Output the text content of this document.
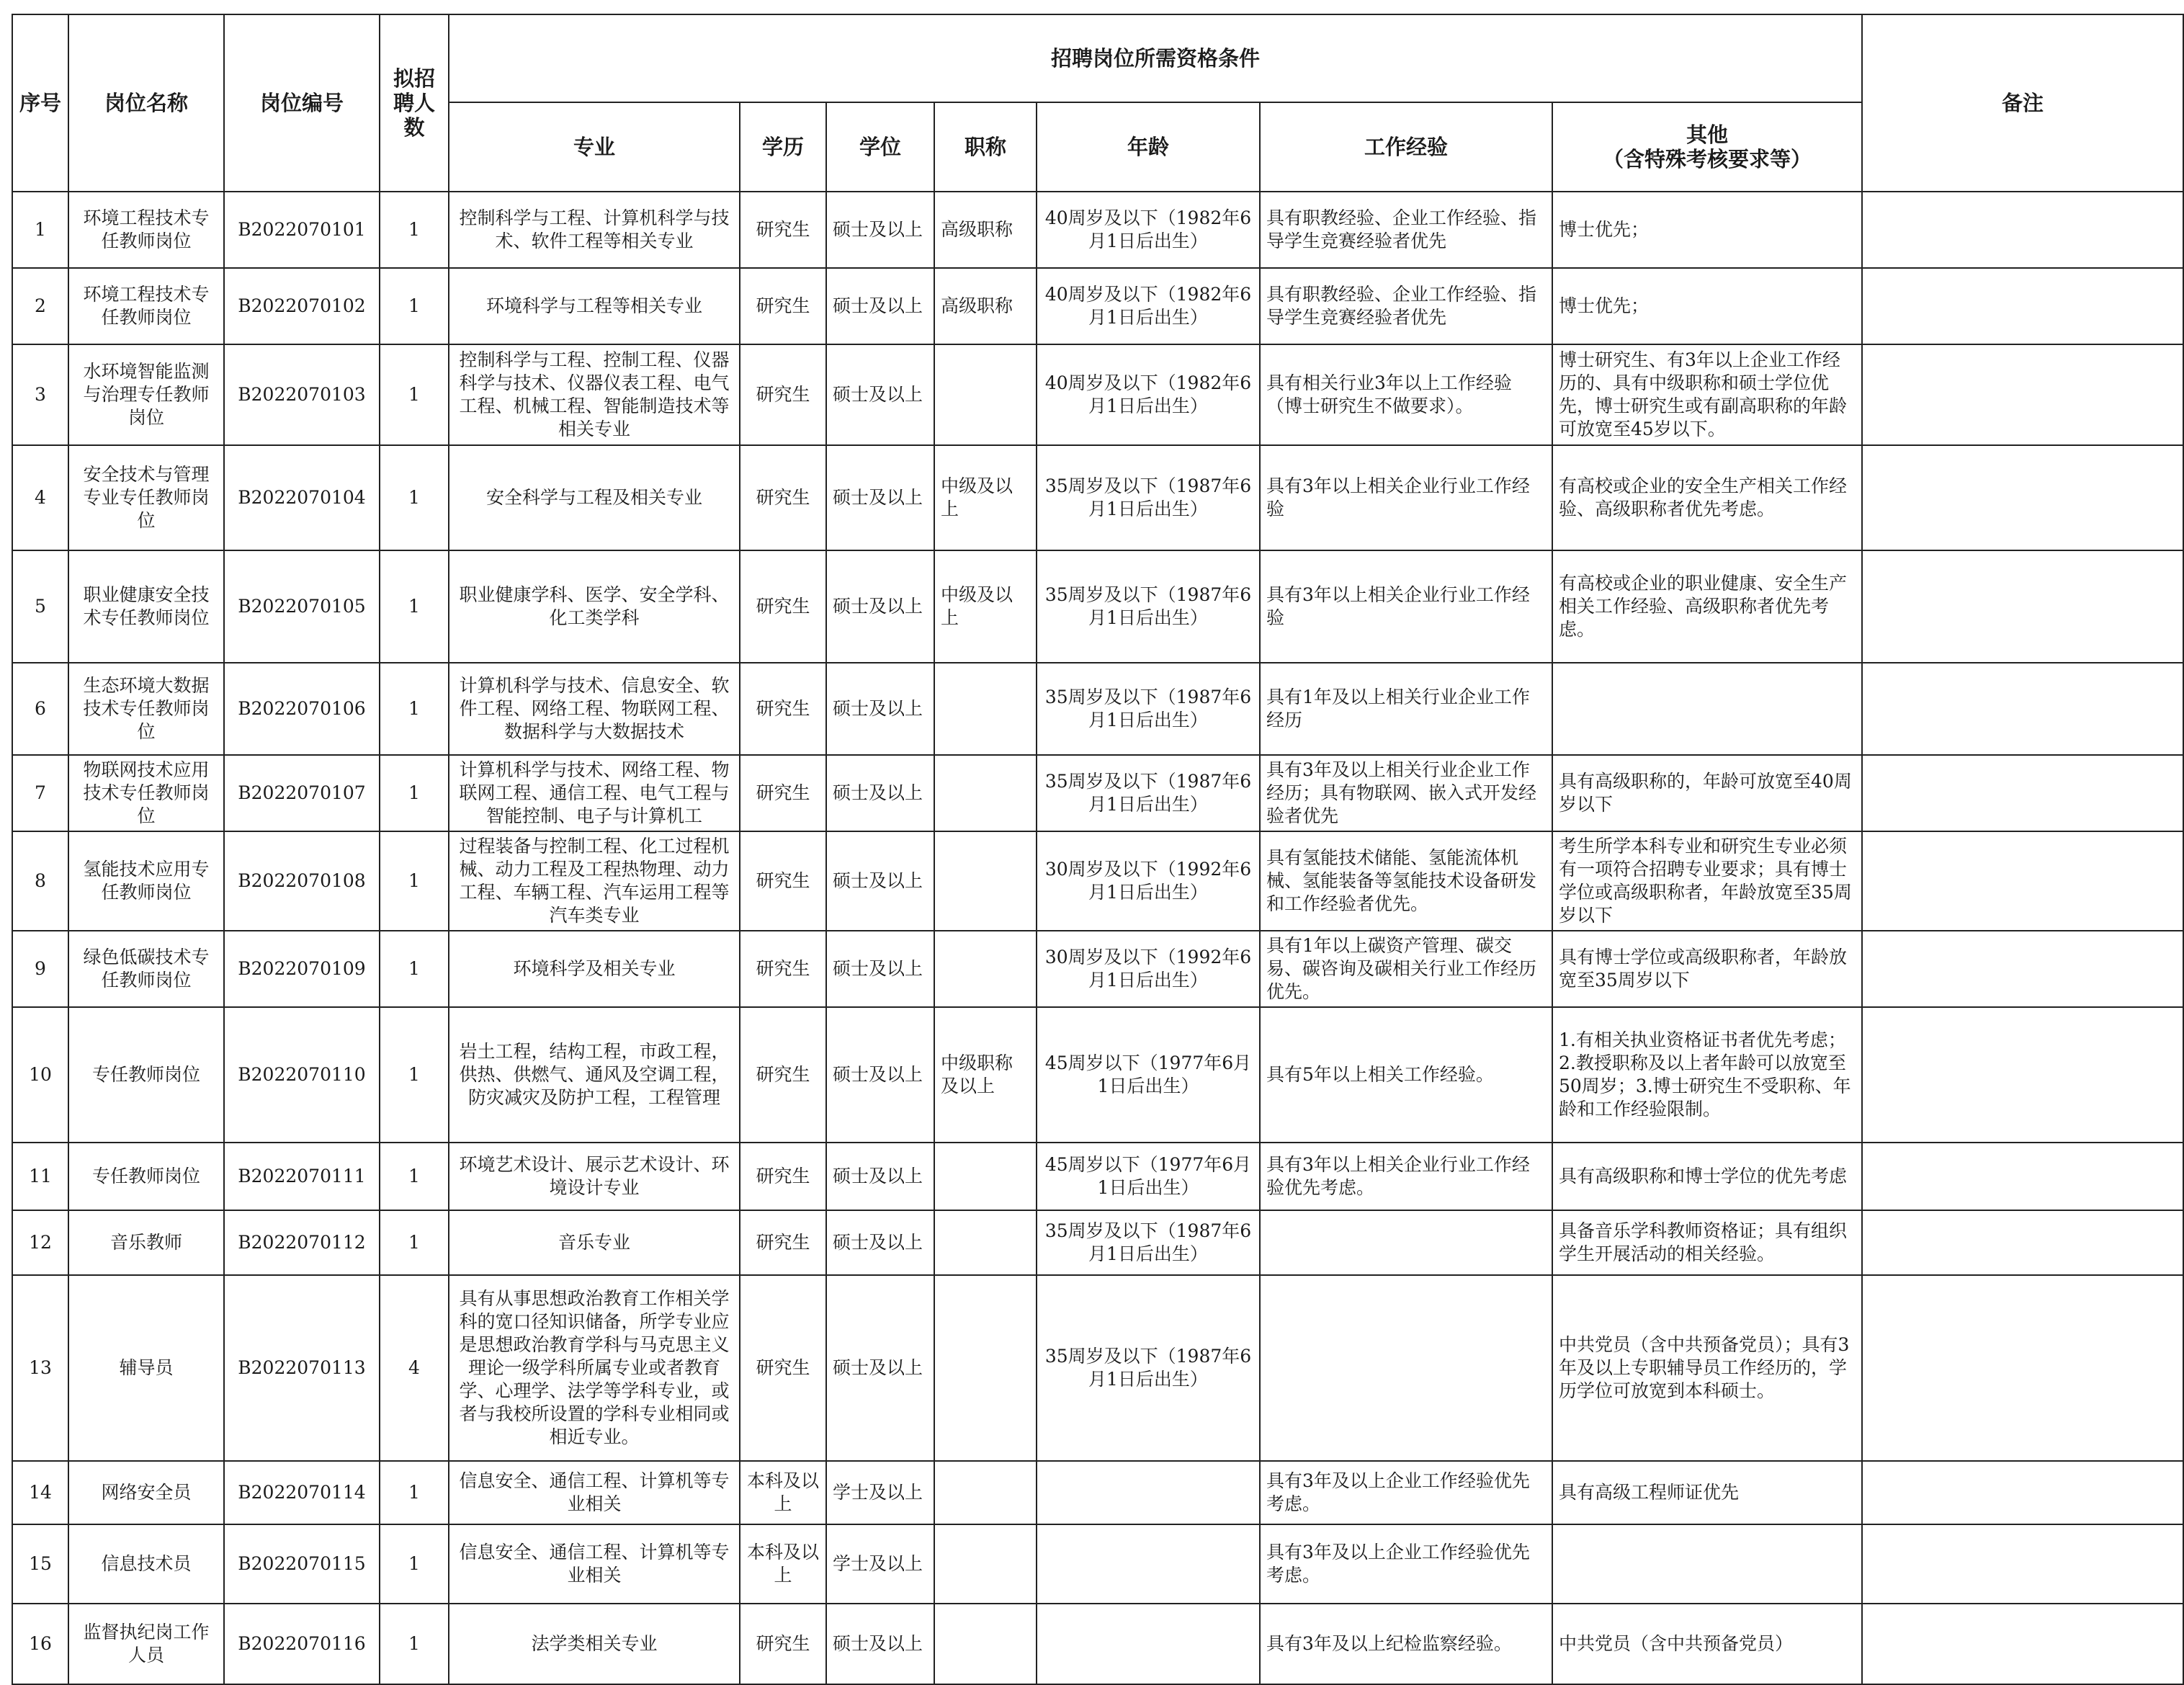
序号	岗位名称	岗位编号	拟招聘人数	招聘岗位所需资格条件							备注
				专业	学历	学位	职称	年龄	工作经验	其他
（含特殊考核要求等）	

1	环境工程技术专任教师岗位	B2022070101	1	控制科学与工程、计算机科学与技术、软件工程等相关专业	研究生	硕士及以上	高级职称	40周岁及以下（1982年6月1日后出生）	具有职教经验、企业工作经验、指导学生竞赛经验者优先	博士优先；	
2	环境工程技术专任教师岗位	B2022070102	1	环境科学与工程等相关专业	研究生	硕士及以上	高级职称	40周岁及以下（1982年6月1日后出生）	具有职教经验、企业工作经验、指导学生竞赛经验者优先	博士优先；	
3	水环境智能监测与治理专任教师岗位	B2022070103	1	控制科学与工程、控制工程、仪器科学与技术、仪器仪表工程、电气工程、机械工程、智能制造技术等相关专业	研究生	硕士及以上		40周岁及以下（1982年6月1日后出生）	具有相关行业3年以上工作经验（博士研究生不做要求）。	博士研究生、有3年以上企业工作经历的、具有中级职称和硕士学位优先，博士研究生或有副高职称的年龄可放宽至45岁以下。	
4	安全技术与管理专业专任教师岗位	B2022070104	1	安全科学与工程及相关专业	研究生	硕士及以上	中级及以上	35周岁及以下（1987年6月1日后出生）	具有3年以上相关企业行业工作经验	有高校或企业的安全生产相关工作经验、高级职称者优先考虑。	
5	职业健康安全技术专任教师岗位	B2022070105	1	职业健康学科、医学、安全学科、化工类学科	研究生	硕士及以上	中级及以上	35周岁及以下（1987年6月1日后出生）	具有3年以上相关企业行业工作经验	有高校或企业的职业健康、安全生产相关工作经验、高级职称者优先考虑。	
6	生态环境大数据技术专任教师岗位	B2022070106	1	计算机科学与技术、信息安全、软件工程、网络工程、物联网工程、数据科学与大数据技术	研究生	硕士及以上		35周岁及以下（1987年6月1日后出生）	具有1年及以上相关行业企业工作经历		
7	物联网技术应用技术专任教师岗位	B2022070107	1	计算机科学与技术、网络工程、物联网工程、通信工程、电气工程与智能控制、电子与计算机工	研究生	硕士及以上		35周岁及以下（1987年6月1日后出生）	具有3年及以上相关行业企业工作经历；具有物联网、嵌入式开发经验者优先	具有高级职称的，年龄可放宽至40周岁以下	
8	氢能技术应用专任教师岗位	B2022070108	1	过程装备与控制工程、化工过程机械、动力工程及工程热物理、动力工程、车辆工程、汽车运用工程等汽车类专业	研究生	硕士及以上		30周岁及以下（1992年6月1日后出生）	具有氢能技术储能、氢能流体机械、氢能装备等氢能技术设备研发和工作经验者优先。	考生所学本科专业和研究生专业必须有一项符合招聘专业要求；具有博士学位或高级职称者，年龄放宽至35周岁以下	
9	绿色低碳技术专任教师岗位	B2022070109	1	环境科学及相关专业	研究生	硕士及以上		30周岁及以下（1992年6月1日后出生）	具有1年以上碳资产管理、碳交易、碳咨询及碳相关行业工作经历优先。	具有博士学位或高级职称者，年龄放宽至35周岁以下	
10	专任教师岗位	B2022070110	1	岩土工程，结构工程，市政工程，供热、供燃气、通风及空调工程，防灾减灾及防护工程，工程管理	研究生	硕士及以上	中级职称及以上	45周岁以下（1977年6月1日后出生）	具有5年以上相关工作经验。	1.有相关执业资格证书者优先考虑；2.教授职称及以上者年龄可以放宽至50周岁；3.博士研究生不受职称、年龄和工作经验限制。	
11	专任教师岗位	B2022070111	1	环境艺术设计、展示艺术设计、环境设计专业	研究生	硕士及以上		45周岁以下（1977年6月1日后出生）	具有3年以上相关企业行业工作经验优先考虑。	具有高级职称和博士学位的优先考虑	
12	音乐教师	B2022070112	1	音乐专业	研究生	硕士及以上		35周岁及以下（1987年6月1日后出生）		具备音乐学科教师资格证；具有组织学生开展活动的相关经验。	
13	辅导员	B2022070113	4	具有从事思想政治教育工作相关学科的宽口径知识储备，所学专业应是思想政治教育学科与马克思主义理论一级学科所属专业或者教育学、心理学、法学等学科专业，或者与我校所设置的学科专业相同或相近专业。	研究生	硕士及以上		35周岁及以下（1987年6月1日后出生）		中共党员（含中共预备党员）；具有3年及以上专职辅导员工作经历的，学历学位可放宽到本科硕士。	
14	网络安全员	B2022070114	1	信息安全、通信工程、计算机等专业相关	本科及以上	学士及以上			具有3年及以上企业工作经验优先考虑。	具有高级工程师证优先	
15	信息技术员	B2022070115	1	信息安全、通信工程、计算机等专业相关	本科及以上	学士及以上			具有3年及以上企业工作经验优先考虑。		
16	监督执纪岗工作人员	B2022070116	1	法学类相关专业	研究生	硕士及以上			具有3年及以上纪检监察经验。	中共党员（含中共预备党员）	
